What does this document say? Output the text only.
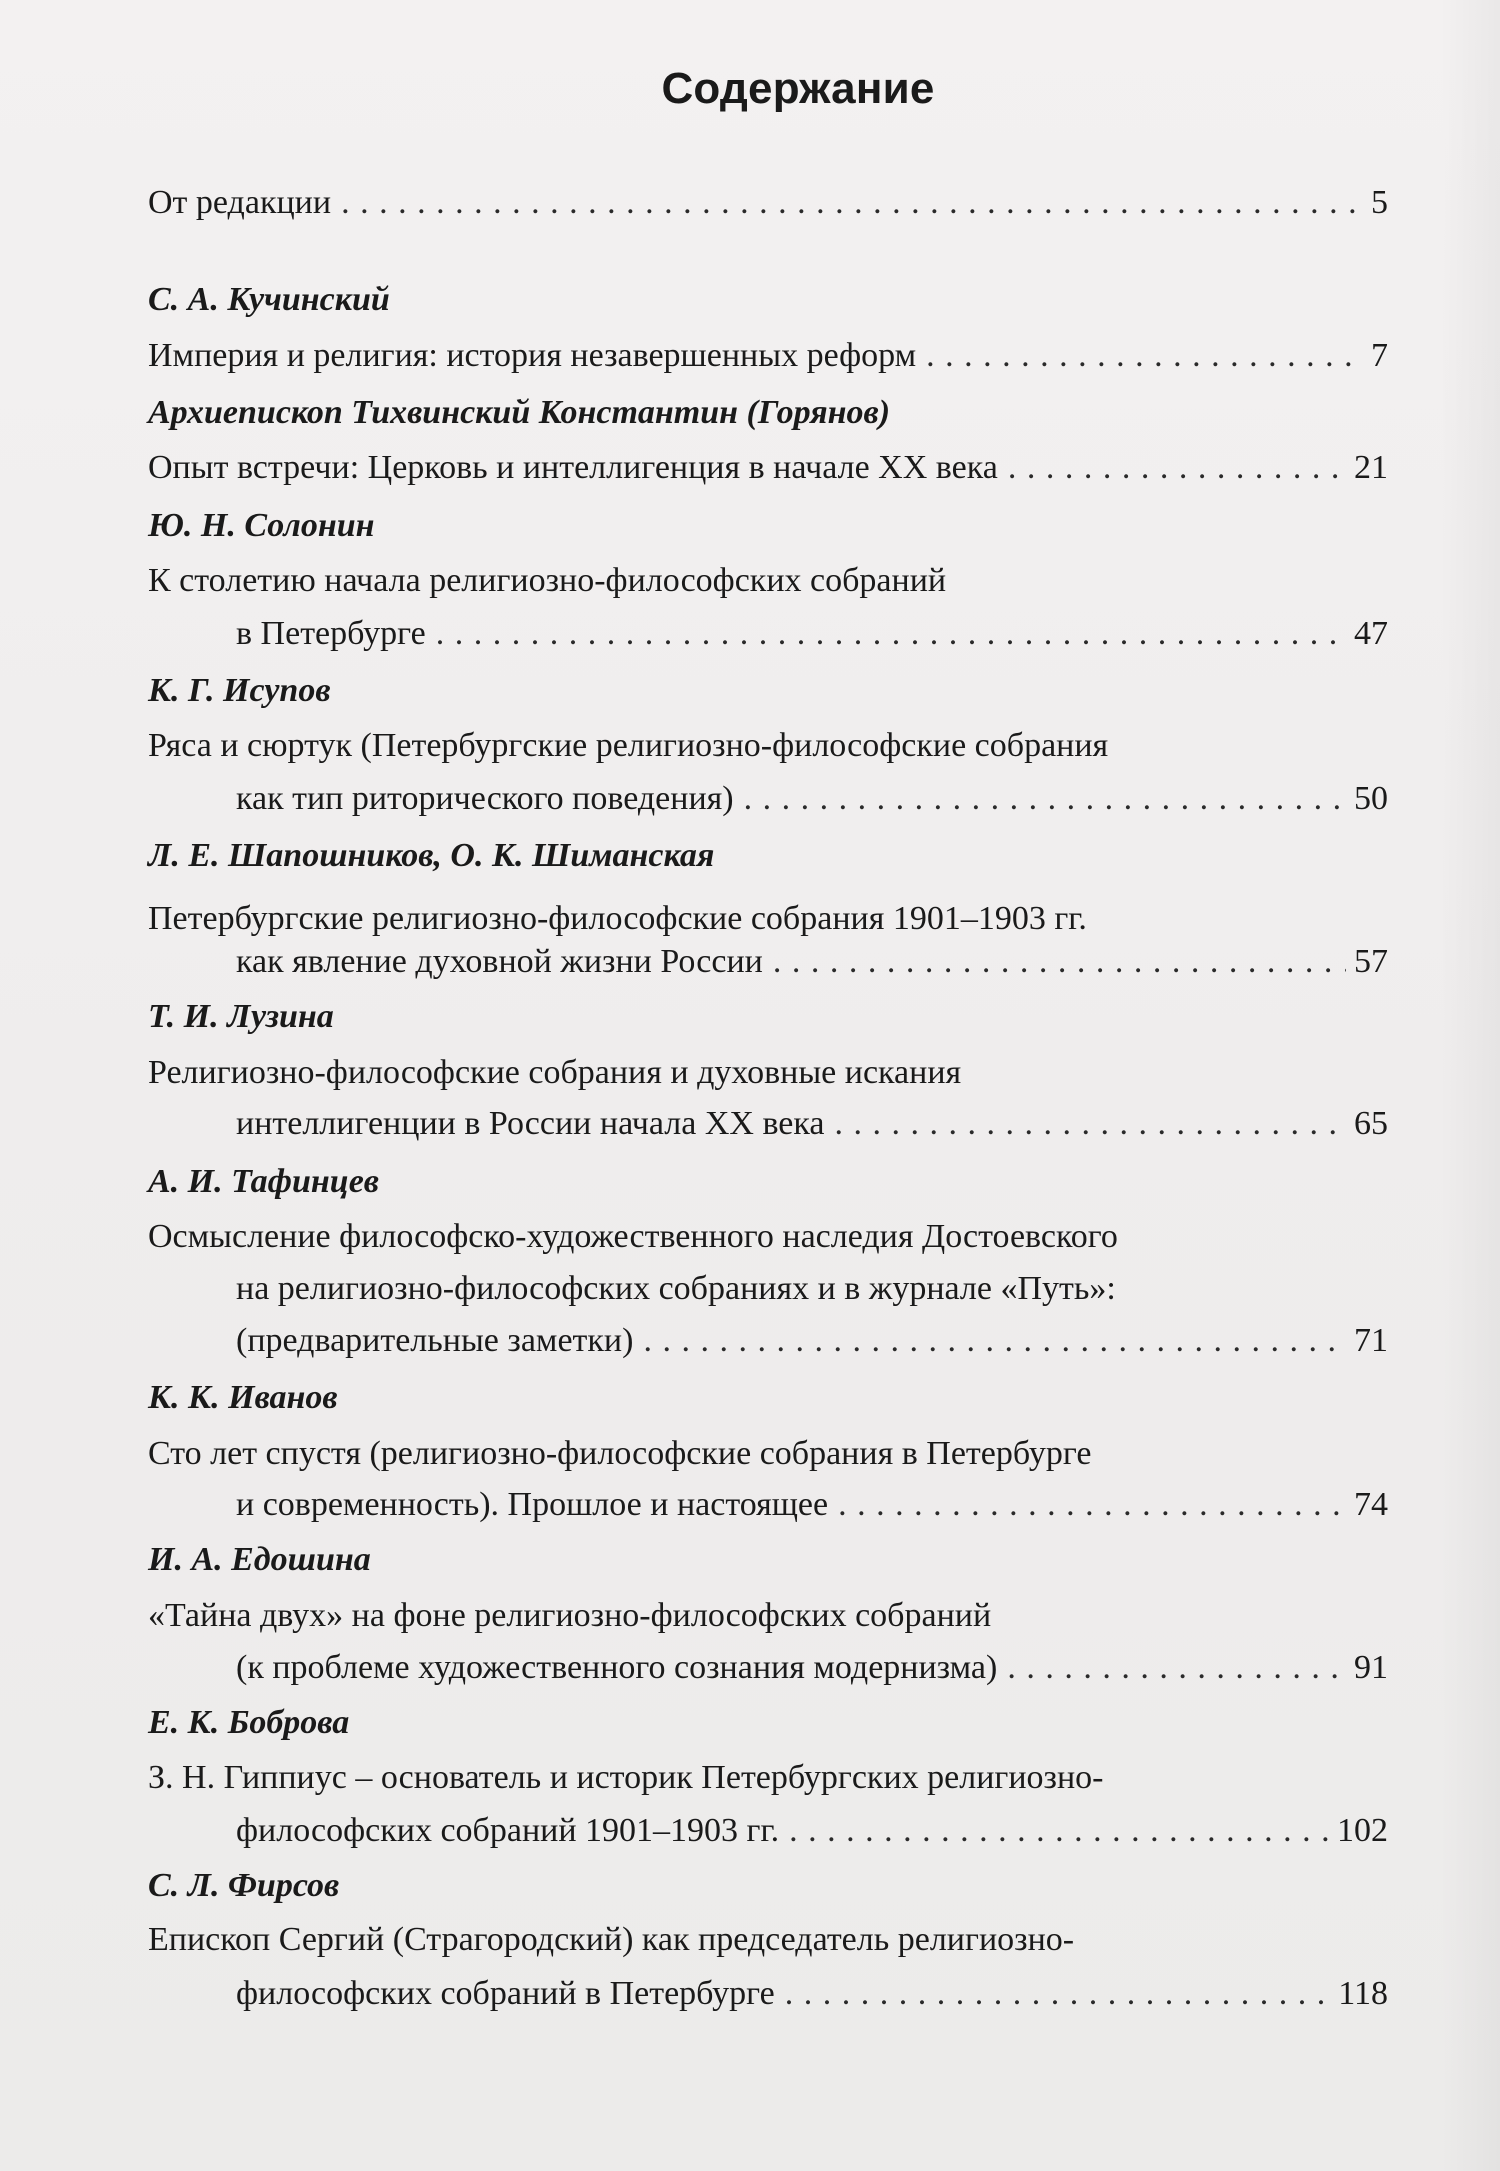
Содержание
От редакции . . .	5
С. А. Кучинский
Империя и религия: история незавершенных реформ . . .	7
Архиепископ Тихвинский Константин (Горянов)
Опыт встречи: Церковь и интеллигенция в начале XX века . . .	21
Ю. Н. Солонин
К столетию начала религиозно-философских собраний
в Петербурге . . .	47
К. Г. Исупов
Ряса и сюртук (Петербургские религиозно-философские собрания
как тип риторического поведения) . . .	50
Л. Е. Шапошников, О. К. Шиманская
Петербургские религиозно-философские собрания 1901–1903 гг.
как явление духовной жизни России . . .	57
Т. И. Лузина
Религиозно-философские собрания и духовные искания
интеллигенции в России начала XX века . . .	65
А. И. Тафинцев
Осмысление философско-художественного наследия Достоевского
на религиозно-философских собраниях и в журнале «Путь»:
(предварительные заметки) . . .	71
К. К. Иванов
Сто лет спустя (религиозно-философские собрания в Петербурге
и современность). Прошлое и настоящее . . .	74
И. А. Едошина
«Тайна двух» на фоне религиозно-философских собраний
(к проблеме художественного сознания модернизма) . . .	91
Е. К. Боброва
З. Н. Гиппиус – основатель и историк Петербургских религиозно-
философских собраний 1901–1903 гг. . . .	102
С. Л. Фирсов
Епископ Сергий (Страгородский) как председатель религиозно-
философских собраний в Петербурге . . .	118
